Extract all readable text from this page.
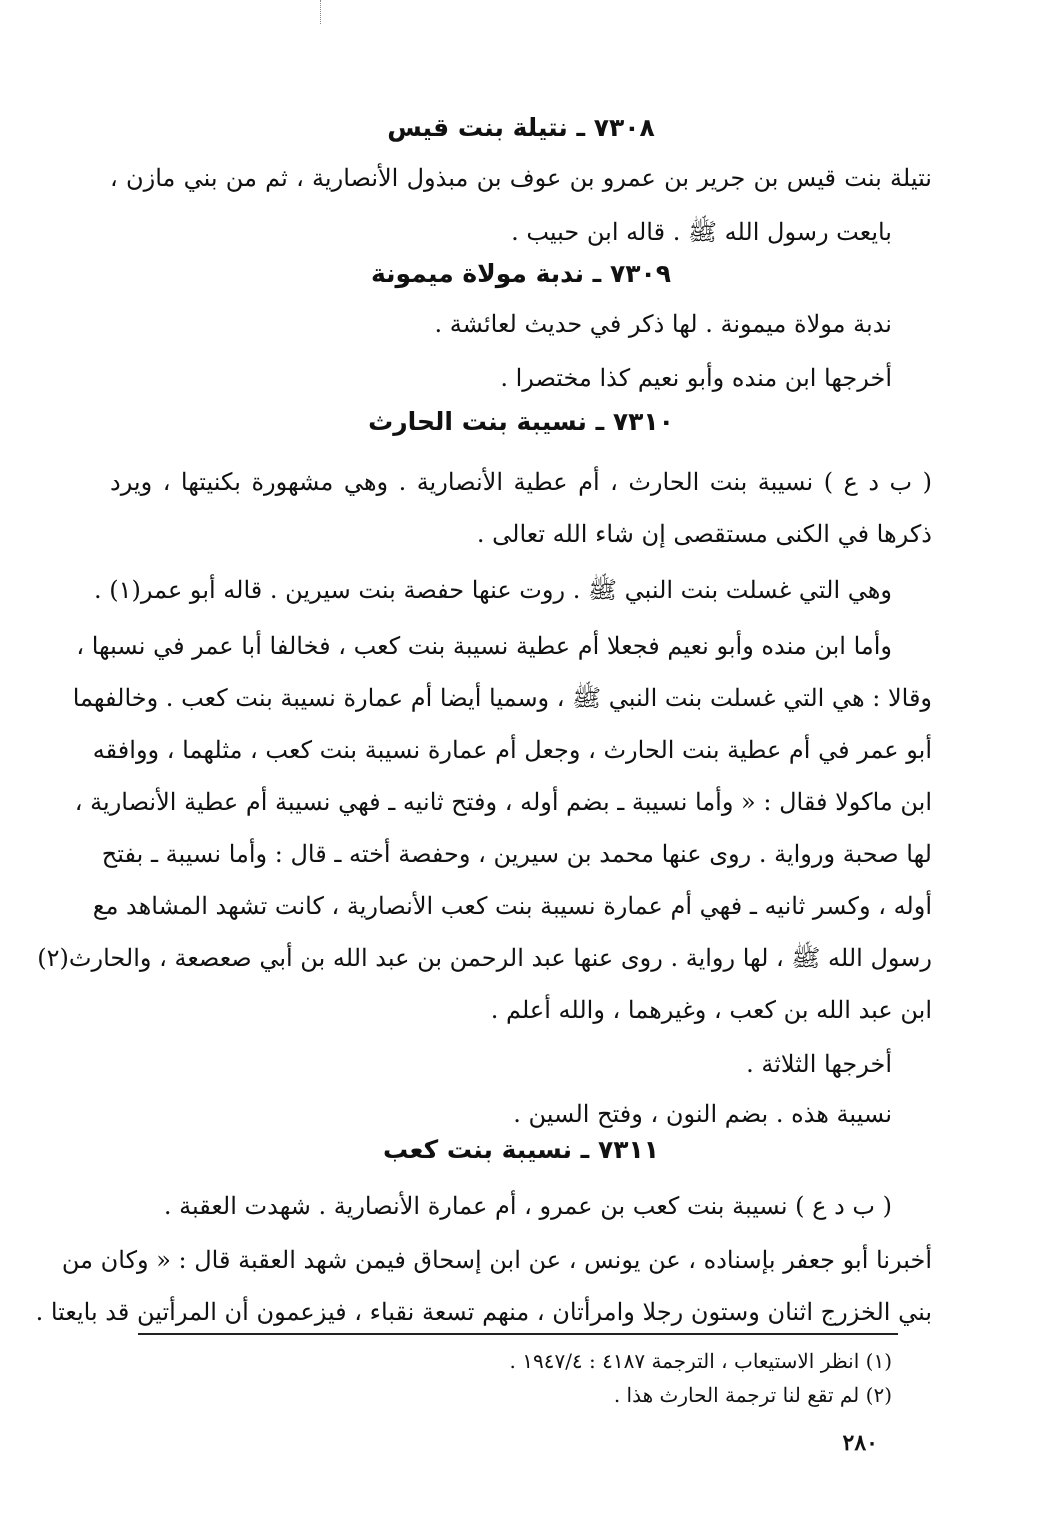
٧٣٠٨ ـ نتيلة بنت قيس
نتيلة بنت قيس بن جرير بن عمرو بن عوف بن مبذول الأنصارية ، ثم من بني مازن ،
بايعت رسول الله ﷺ . قاله ابن حبيب .
٧٣٠٩ ـ ندبة مولاة ميمونة
ندبة مولاة ميمونة . لها ذكر في حديث لعائشة .
أخرجها ابن منده وأبو نعيم كذا مختصرا .
٧٣١٠ ـ نسيبة بنت الحارث
( ب د ع ) نسيبة بنت الحارث ، أم عطية الأنصارية . وهي مشهورة بكنيتها ، ويرد
ذكرها في الكنى مستقصى إن شاء الله تعالى .
وهي التي غسلت بنت النبي ﷺ . روت عنها حفصة بنت سيرين . قاله أبو عمر(١) .
وأما ابن منده وأبو نعيم فجعلا أم عطية نسيبة بنت كعب ، فخالفا أبا عمر في نسبها ،
وقالا : هي التي غسلت بنت النبي ﷺ ، وسميا أيضا أم عمارة نسيبة بنت كعب . وخالفهما
أبو عمر في أم عطية بنت الحارث ، وجعل أم عمارة نسيبة بنت كعب ، مثلهما ، ووافقه
ابن ماكولا فقال : « وأما نسيبة ـ بضم أوله ، وفتح ثانيه ـ فهي نسيبة أم عطية الأنصارية ،
لها صحبة ورواية . روى عنها محمد بن سيرين ، وحفصة أخته ـ قال : وأما نسيبة ـ بفتح
أوله ، وكسر ثانيه ـ فهي أم عمارة نسيبة بنت كعب الأنصارية ، كانت تشهد المشاهد مع
رسول الله ﷺ ، لها رواية . روى عنها عبد الرحمن بن عبد الله بن أبي صعصعة ، والحارث(٢)
ابن عبد الله بن كعب ، وغيرهما ، والله أعلم .
أخرجها الثلاثة .
نسيبة هذه . بضم النون ، وفتح السين .
٧٣١١ ـ نسيبة بنت كعب
( ب د ع ) نسيبة بنت كعب بن عمرو ، أم عمارة الأنصارية . شهدت العقبة .
أخبرنا أبو جعفر بإسناده ، عن يونس ، عن ابن إسحاق فيمن شهد العقبة قال : « وكان من
بني الخزرج اثنان وستون رجلا وامرأتان ، منهم تسعة نقباء ، فيزعمون أن المرأتين قد بايعتا .
(١) انظر الاستيعاب ، الترجمة ٤١٨٧ : ١٩٤٧/٤ .
(٢) لم تقع لنا ترجمة الحارث هذا .
٢٨٠
